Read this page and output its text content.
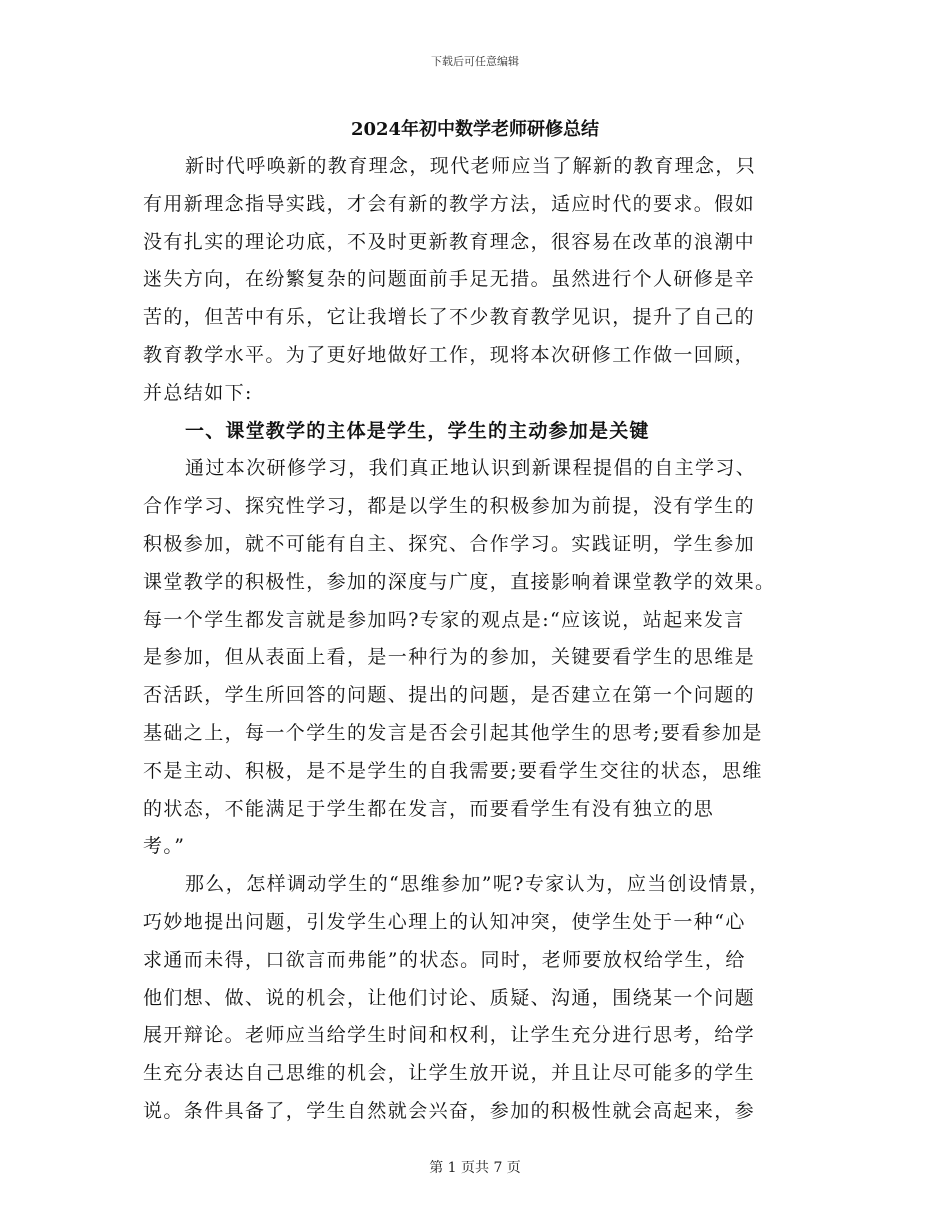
下载后可任意编辑
2024年初中数学老师研修总结
新时代呼唤新的教育理念，现代老师应当了解新的教育理念，只
有用新理念指导实践，才会有新的教学方法，适应时代的要求。假如
没有扎实的理论功底，不及时更新教育理念，很容易在改革的浪潮中
迷失方向，在纷繁复杂的问题面前手足无措。虽然进行个人研修是辛
苦的，但苦中有乐，它让我增长了不少教育教学见识，提升了自己的
教育教学水平。为了更好地做好工作，现将本次研修工作做一回顾，
并总结如下:
一、课堂教学的主体是学生，学生的主动参加是关键
通过本次研修学习，我们真正地认识到新课程提倡的自主学习、
合作学习、探究性学习，都是以学生的积极参加为前提，没有学生的
积极参加，就不可能有自主、探究、合作学习。实践证明，学生参加
课堂教学的积极性，参加的深度与广度，直接影响着课堂教学的效果。
每一个学生都发言就是参加吗?专家的观点是:“应该说，站起来发言
是参加，但从表面上看，是一种行为的参加，关键要看学生的思维是
否活跃，学生所回答的问题、提出的问题，是否建立在第一个问题的
基础之上，每一个学生的发言是否会引起其他学生的思考;要看参加是
不是主动、积极，是不是学生的自我需要;要看学生交往的状态，思维
的状态，不能满足于学生都在发言，而要看学生有没有独立的思
考。”
那么，怎样调动学生的“思维参加”呢?专家认为，应当创设情景，
巧妙地提出问题，引发学生心理上的认知冲突，使学生处于一种“心
求通而未得，口欲言而弗能”的状态。同时，老师要放权给学生，给
他们想、做、说的机会，让他们讨论、质疑、沟通，围绕某一个问题
展开辩论。老师应当给学生时间和权利，让学生充分进行思考，给学
生充分表达自己思维的机会，让学生放开说，并且让尽可能多的学生
说。条件具备了，学生自然就会兴奋，参加的积极性就会高起来，参
第 1 页共 7 页
